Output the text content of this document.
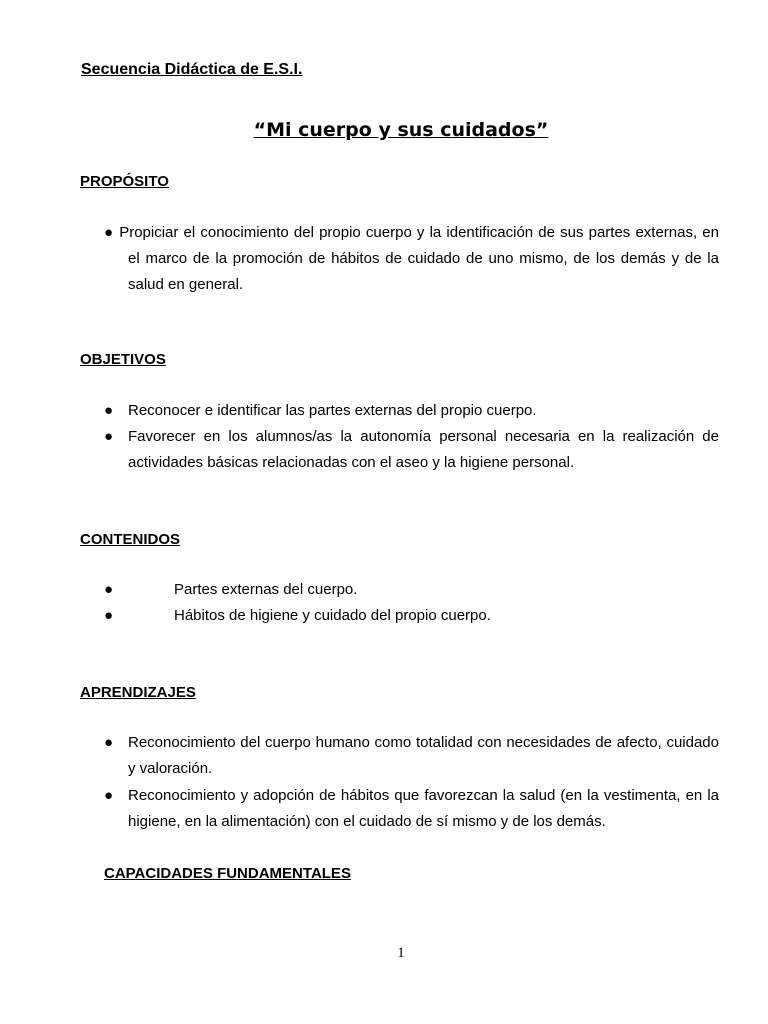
Secuencia Didáctica de E.S.I.
“Mi cuerpo y sus cuidados”
PROPÓSITO
● Propiciar el conocimiento del propio cuerpo y la identificación de sus partes externas, en el marco de la promoción de hábitos de cuidado de uno mismo, de los demás y de la salud en general.
OBJETIVOS
● Reconocer e identificar las partes externas del propio cuerpo.
● Favorecer en los alumnos/as la autonomía personal necesaria en la realización de actividades básicas relacionadas con el aseo y la higiene personal.
CONTENIDOS
●	Partes externas del cuerpo.
●	Hábitos de higiene y cuidado del propio cuerpo.
APRENDIZAJES
● Reconocimiento del cuerpo humano como totalidad con necesidades de afecto, cuidado y valoración.
● Reconocimiento y adopción de hábitos que favorezcan la salud (en la vestimenta, en la higiene, en la alimentación) con el cuidado de sí mismo y de los demás.
CAPACIDADES FUNDAMENTALES
1
